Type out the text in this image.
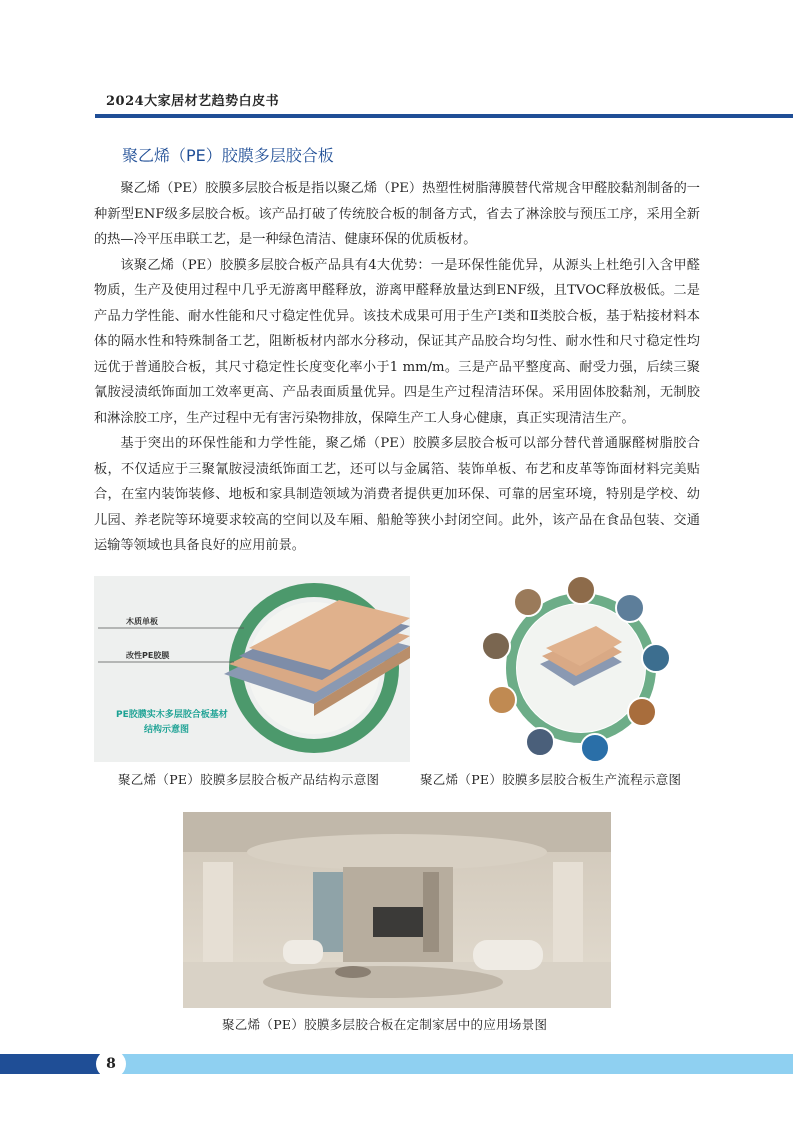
2024大家居材艺趋势白皮书
聚乙烯（PE）胶膜多层胶合板

聚乙烯（PE）胶膜多层胶合板是指以聚乙烯（PE）热塑性树脂薄膜替代常规含甲醛胶黏剂制备的一种新型ENF级多层胶合板。该产品打破了传统胶合板的制备方式，省去了淋涂胶与预压工序，采用全新的热—冷平压串联工艺，是一种绿色清洁、健康环保的优质板材。

该聚乙烯（PE）胶膜多层胶合板产品具有4大优势：一是环保性能优异，从源头上杜绝引入含甲醛物质，生产及使用过程中几乎无游离甲醛释放，游离甲醛释放量达到ENF级，且TVOC释放极低。二是产品力学性能、耐水性能和尺寸稳定性优异。该技术成果可用于生产Ⅰ类和Ⅱ类胶合板，基于粘接材料本体的隔水性和特殊制备工艺，阻断板材内部水分移动，保证其产品胶合均匀性、耐水性和尺寸稳定性均远优于普通胶合板，其尺寸稳定性长度变化率小于1 mm/m。三是产品平整度高、耐受力强，后续三聚氰胺浸渍纸饰面加工效率更高、产品表面质量优异。四是生产过程清洁环保。采用固体胶黏剂，无制胶和淋涂胶工序，生产过程中无有害污染物排放，保障生产工人身心健康，真正实现清洁生产。

基于突出的环保性能和力学性能，聚乙烯（PE）胶膜多层胶合板可以部分替代普通脲醛树脂胶合板，不仅适应于三聚氰胺浸渍纸饰面工艺，还可以与金属箔、装饰单板、布艺和皮革等饰面材料完美贴合，在室内装饰装修、地板和家具制造领域为消费者提供更加环保、可靠的居室环境，特别是学校、幼儿园、养老院等环境要求较高的空间以及车厢、船舱等狭小封闭空间。此外，该产品在食品包装、交通运输等领域也具备良好的应用前景。

木质单板
改性PE胶膜
PE胶膜实木多层胶合板基材
结构示意图
聚乙烯（PE）胶膜多层胶合板产品结构示意图	聚乙烯（PE）胶膜多层胶合板生产流程示意图
聚乙烯（PE）胶膜多层胶合板在定制家居中的应用场景图
8
